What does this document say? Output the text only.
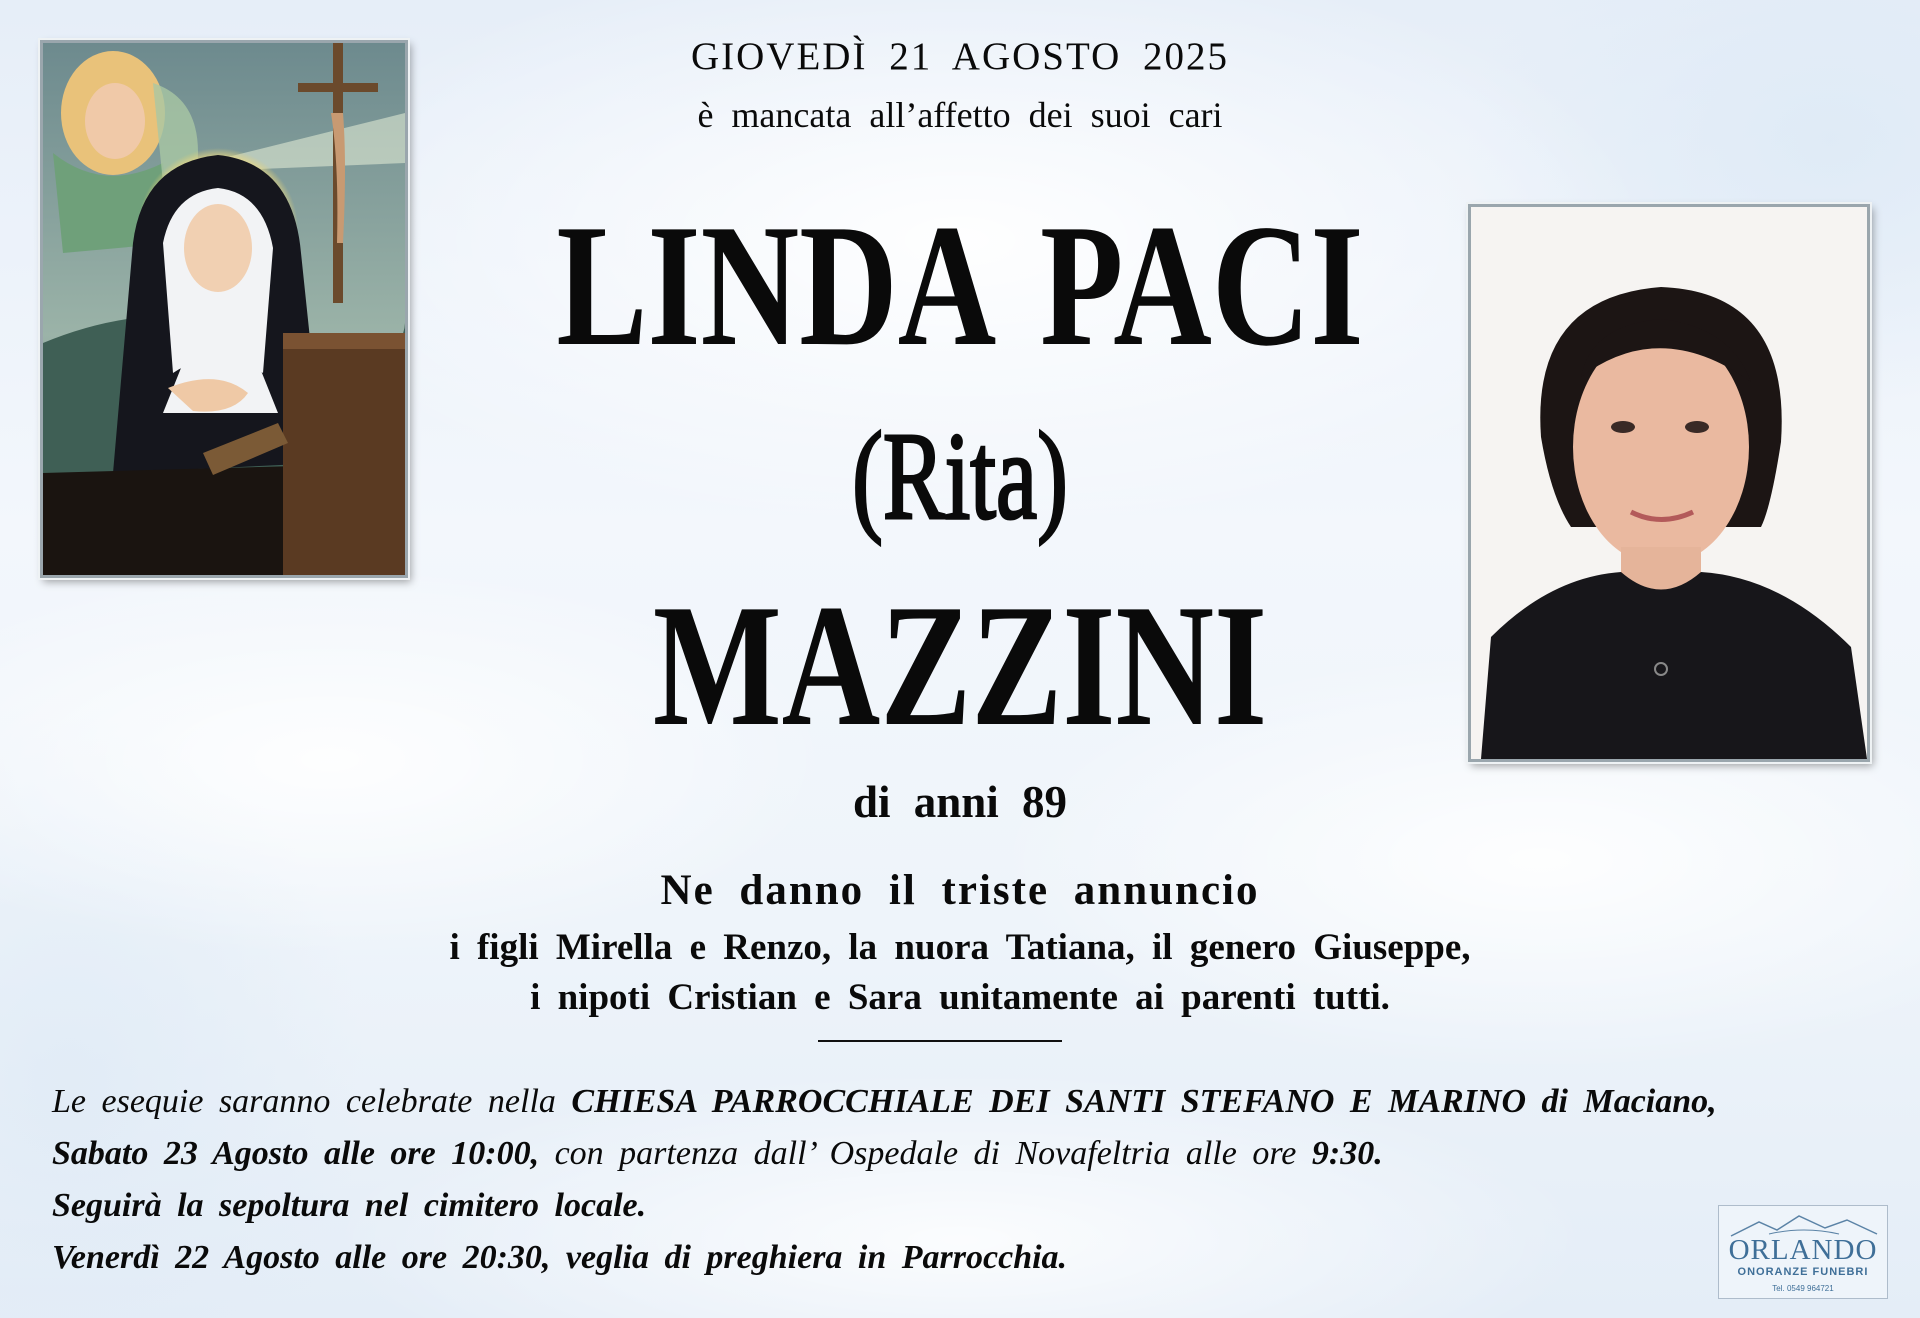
GIOVEDÌ 21 AGOSTO 2025

è mancata all’affetto dei suoi cari

LINDA PACI

(Rita)

MAZZINI

di anni 89

Ne danno il triste annuncio

i figli Mirella e Renzo, la nuora Tatiana, il genero Giuseppe,

i nipoti Cristian e Sara unitamente ai parenti tutti.

Le esequie saranno celebrate nella CHIESA PARROCCHIALE DEI SANTI STEFANO E MARINO di Maciano,

Sabato 23 Agosto alle ore 10:00, con partenza dall’ Ospedale di Novafeltria alle ore 9:30.

Seguirà la sepoltura nel cimitero locale.

Venerdì 22 Agosto alle ore 20:30, veglia di preghiera in Parrocchia.	ORLANDO
ONORANZE FUNEBRI
Tel. 0549 964721
